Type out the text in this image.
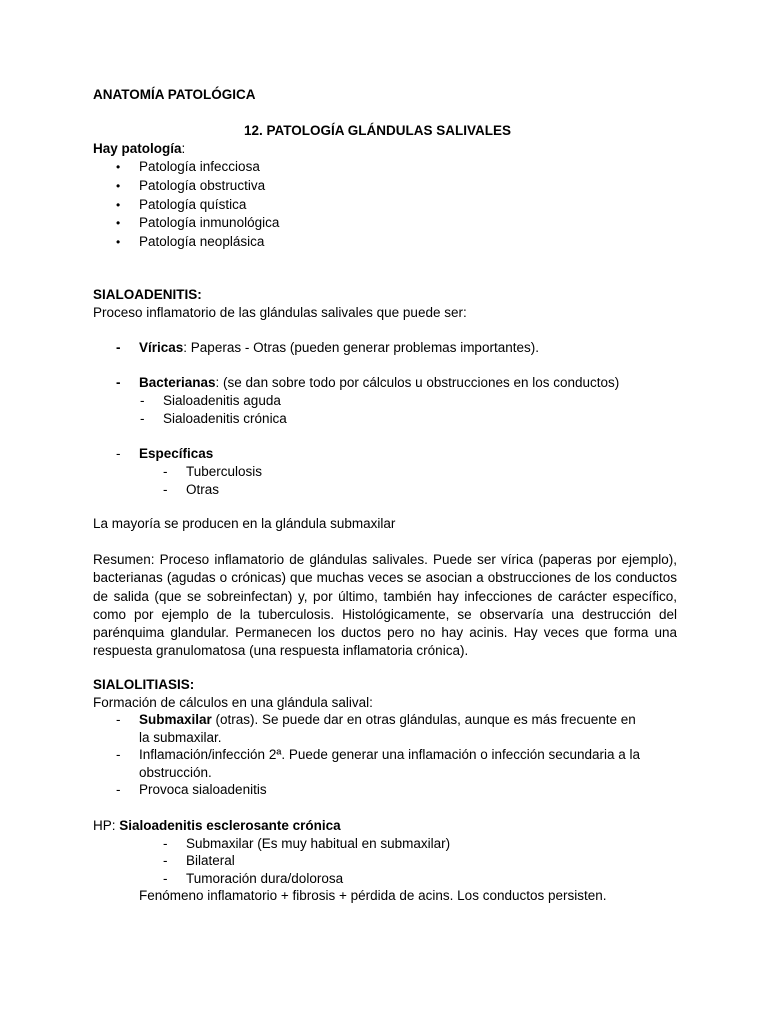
ANATOMÍA PATOLÓGICA
12. PATOLOGÍA GLÁNDULAS SALIVALES
Hay patología:
• Patología infecciosa
• Patología obstructiva
• Patología quística
• Patología inmunológica
• Patología neoplásica
SIALOADENITIS:
Proceso inflamatorio de las glándulas salivales que puede ser:
- Víricas: Paperas - Otras (pueden generar problemas importantes).
- Bacterianas: (se dan sobre todo por cálculos u obstrucciones en los conductos)
- Sialoadenitis aguda
- Sialoadenitis crónica
- Específicas
- Tuberculosis
- Otras
La mayoría se producen en la glándula submaxilar
Resumen: Proceso inflamatorio de glándulas salivales. Puede ser vírica (paperas por ejemplo), bacterianas (agudas o crónicas) que muchas veces se asocian a obstrucciones de los conductos de salida (que se sobreinfectan) y, por último, también hay infecciones de carácter específico, como por ejemplo de la tuberculosis. Histológicamente, se observaría una destrucción del parénquima glandular. Permanecen los ductos pero no hay acinis. Hay veces que forma una respuesta granulomatosa (una respuesta inflamatoria crónica).
SIALOLITIASIS:
Formación de cálculos en una glándula salival:
- Submaxilar (otras). Se puede dar en otras glándulas, aunque es más frecuente en
la submaxilar.
- Inflamación/infección 2ª. Puede generar una inflamación o infección secundaria a la
obstrucción.
- Provoca sialoadenitis
HP: Sialoadenitis esclerosante crónica
- Submaxilar (Es muy habitual en submaxilar)
- Bilateral
- Tumoración dura/dolorosa
Fenómeno inflamatorio + fibrosis + pérdida de acins. Los conductos persisten.
